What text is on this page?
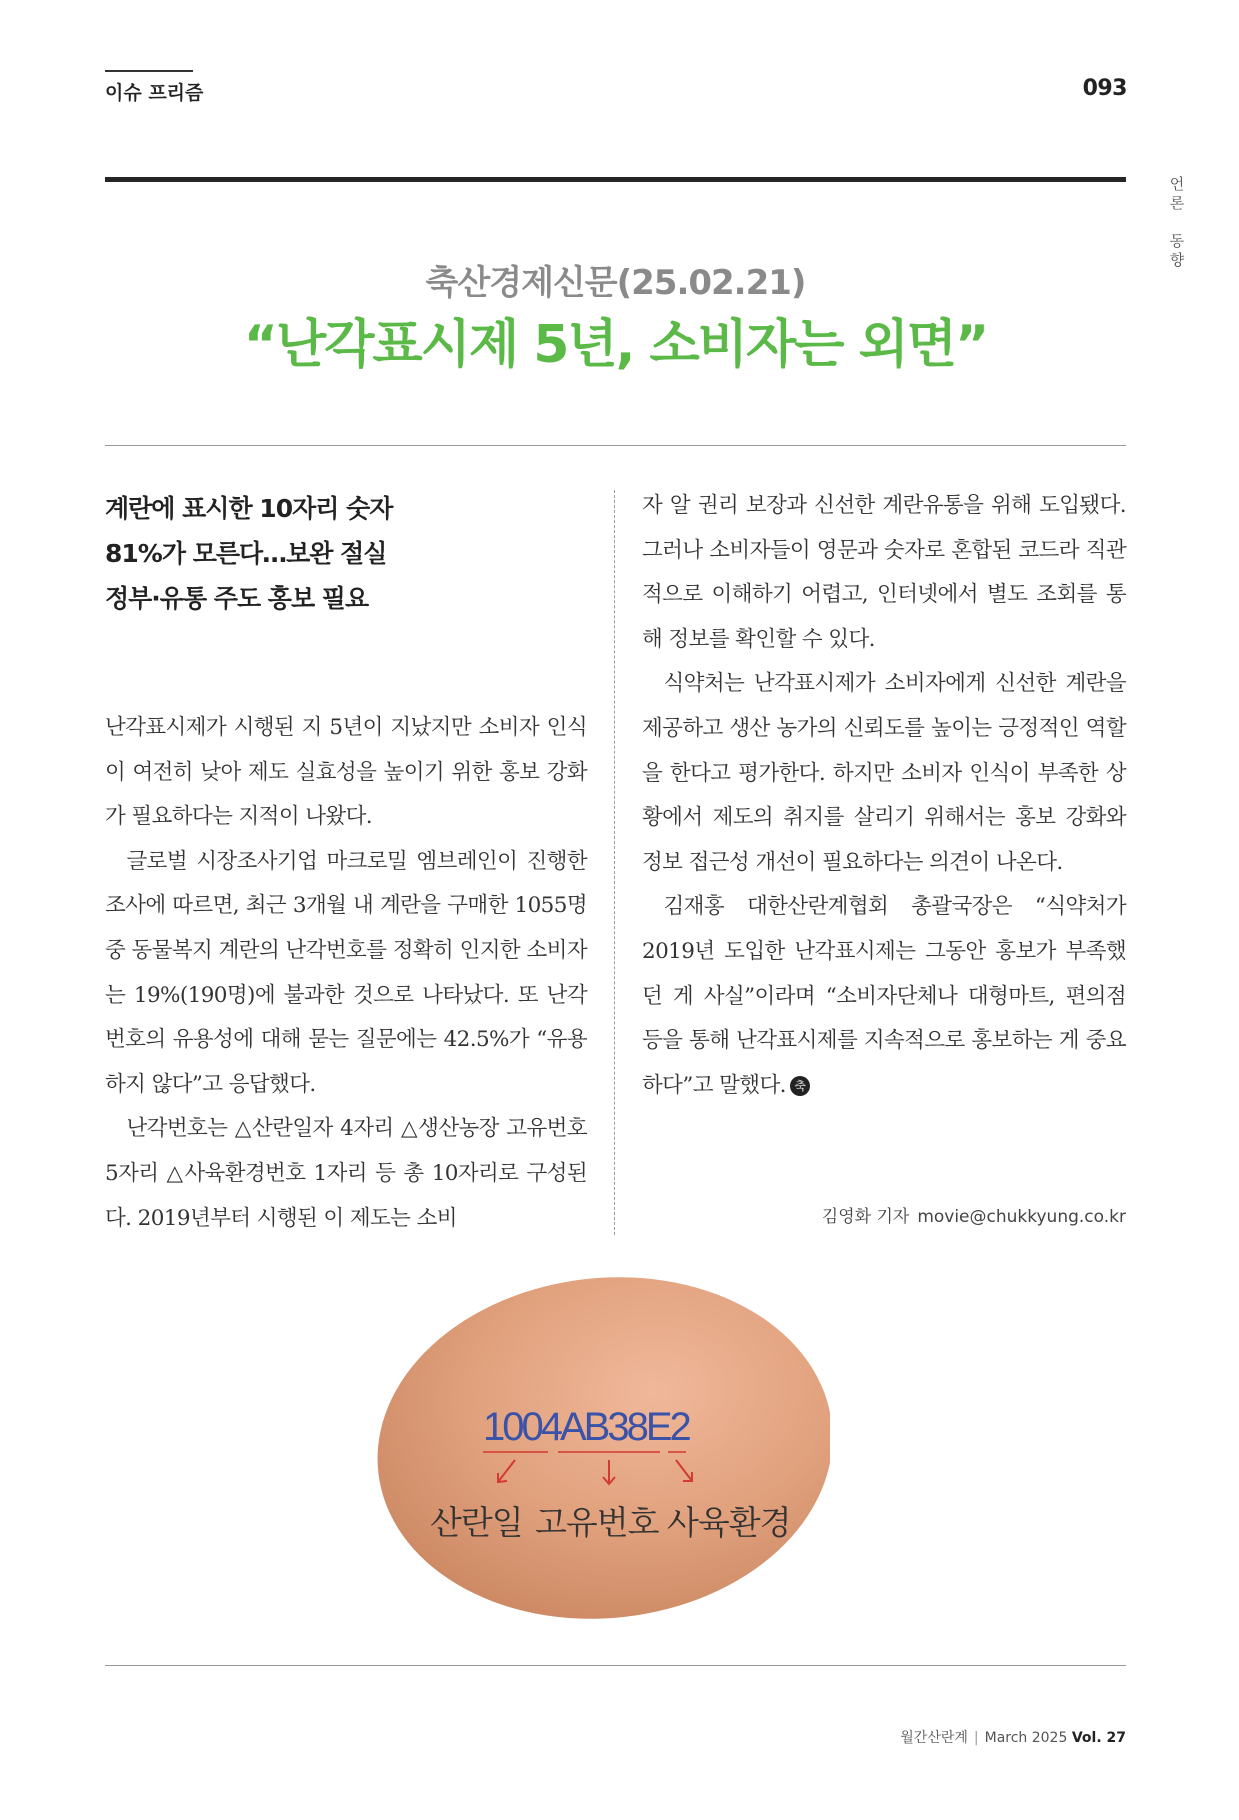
이슈 프리즘	093
언
론
동
향
축산경제신문(25.02.21)
“난각표시제 5년, 소비자는 외면”
계란에 표시한 10자리 숫자
81%가 모른다…보완 절실
정부·유통 주도 홍보 필요

난각표시제가 시행된 지 5년이 지났지만 소비자 인식이 여전히 낮아 제도 실효성을 높이기 위한 홍보 강화가 필요하다는 지적이 나왔다.

글로벌 시장조사기업 마크로밀 엠브레인이 진행한 조사에 따르면, 최근 3개월 내 계란을 구매한 1055명 중 동물복지 계란의 난각번호를 정확히 인지한 소비자는 19%(190명)에 불과한 것으로 나타났다. 또 난각번호의 유용성에 대해 묻는 질문에는 42.5%가 “유용하지 않다”고 응답했다.

난각번호는 △산란일자 4자리 △생산농장 고유번호 5자리 △사육환경번호 1자리 등 총 10자리로 구성된다. 2019년부터 시행된 이 제도는 소비

자 알 권리 보장과 신선한 계란유통을 위해 도입됐다. 그러나 소비자들이 영문과 숫자로 혼합된 코드라 직관적으로 이해하기 어렵고, 인터넷에서 별도 조회를 통해 정보를 확인할 수 있다.

식약처는 난각표시제가 소비자에게 신선한 계란을 제공하고 생산 농가의 신뢰도를 높이는 긍정적인 역할을 한다고 평가한다. 하지만 소비자 인식이 부족한 상황에서 제도의 취지를 살리기 위해서는 홍보 강화와 정보 접근성 개선이 필요하다는 의견이 나온다.

김재홍 대한산란계협회 총괄국장은 “식약처가 2019년 도입한 난각표시제는 그동안 홍보가 부족했던 게 사실”이라며 “소비자단체나 대형마트, 편의점 등을 통해 난각표시제를 지속적으로 홍보하는 게 중요하다”고 말했다. 축

김영화 기자 movie@chukkyung.co.kr
1004AB38E2
산란일 고유번호 사육환경
월간산란계 | March 2025 Vol. 27
